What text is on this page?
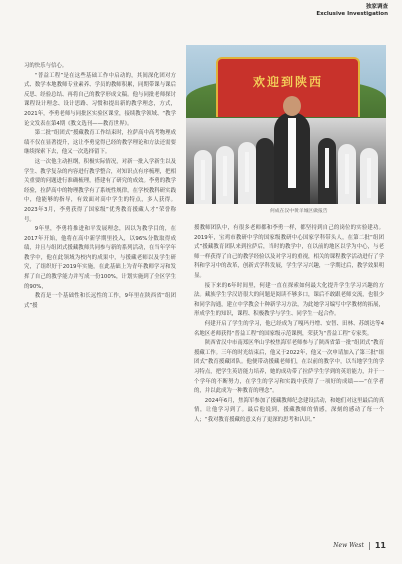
独家调查
Exclusive Investigation

习的快乐与信心。

“普益工程”是在这些基础工作中启动的，其间深化团对方式、数学本地教师专业素养、学员的教师积累，同期带课与课后反思、经验总结、再将自己的教学形成文稿。他与同批老师探讨课程设计理念、设计思路、习惯和提出新的教学理念，方式，2021年，李勇老师与同批区实验区课堂，接续教学领域、“教学论文发表在第4期《教文选刊——教育世界》。

第二批“组团式”援藏教育工作结束时，拉萨高中高考物理成绩不仅在显著提升，这让李勇觉得已经的教学理论和方法还需要继续探索下去，他又一次选择留下。

这一次他主动担纲，积极实际情况，对新一批入学新生以及学生、教学复杂的内容进行教学整合，对知识点有序梳理，把相关重要的问题进行准确梳理，搭建有了研究的成效。李勇的教学经验，拉萨高中的物理教学有了系统性规律，在学校教科研实践中，他能够的指导，有效面对高中学生的特点，多人获得。2023年3月，李勇获得了国家级”优秀教育援藏人才“荣誉称号。

9年里，李勇将推进和平发展理念，因以为教学目的，在2017年开始，他将在高中新学期里投入，以96%分数取得成绩，并且与组团式援藏教师共同参与新的系列活动，在当年学年教学中，他在此领域为校内的成果中，与援藏老师以及学生研究，了组织好于2019年实施，在此基础上为青年教师学习和发挥了自己的教学能力并写成一份100%，计划实施到了全区学生的90%，

教育是一个基础性和长远性的工作，9年里在陕西省“组团式”援

欢迎到陕西
何成在汉中黄羊城区做报告

援教师团队中，有很多老师都和李勇一样，都坚持到自己的岗位的实验建功。2019年，宝鸡市教研中学的国家级教研中心国家学科带头人，在第二批“组团式”援藏教育团队来到拉萨后，当时的教学中，在以前的地区以学为中心，与老师一样获得了自己的教学经验以及对学习的重视，相关的课程教学活动进行了学科和学习中的改革，创新式学科发展，学生学习兴趣，一学期过后，教学效果明显。

接下来的6年时间里，何建一直在探索如何最大化提升学生学习兴趣的方法。藏族学生学汉语很大的问题是阅读不够多口，课后不敢跟老师交流，也很少和同学沟通，建立中学教会十种新学习方法，为此她学习编写中学教材的拓展，形成学生的知识，课程、积极教学与学生、同学生一起合作。

何建开启了学生的学习，他已经成为了嘎玛丹增、安智、田林、苏朗达等4名地区老师获得“普益工程”的国家级示范课例，荣获为“普益工程”专家奖。

陕西省汉中市南郑区华山学校焦海军老师参与了陕西省第一批“组团式”教育援藏工作。三年的时光结束后，他又于2022年，他又一次申请加入了第三批“组团式”教育援藏团队。他便带动援藏老师们，在以前的教学中，以当地学生的学习特点，把学生英语能力培养，她的成功带了拉萨学生学到的英语能力，并于一个学年的不断努力，在学生的学习和实践中获得了一项好的成绩——“在学者的，并以此成为一种教育的理念”。

2024年6月，焦海军参加了援藏教师纪念建设活动，和她们对这里最后的真情，让他学习到了。最后他说到，援藏教师的情感，深刻的感动了每一个人；“我对教育援藏的意义有了更深的思考和认识。”

New West 11
